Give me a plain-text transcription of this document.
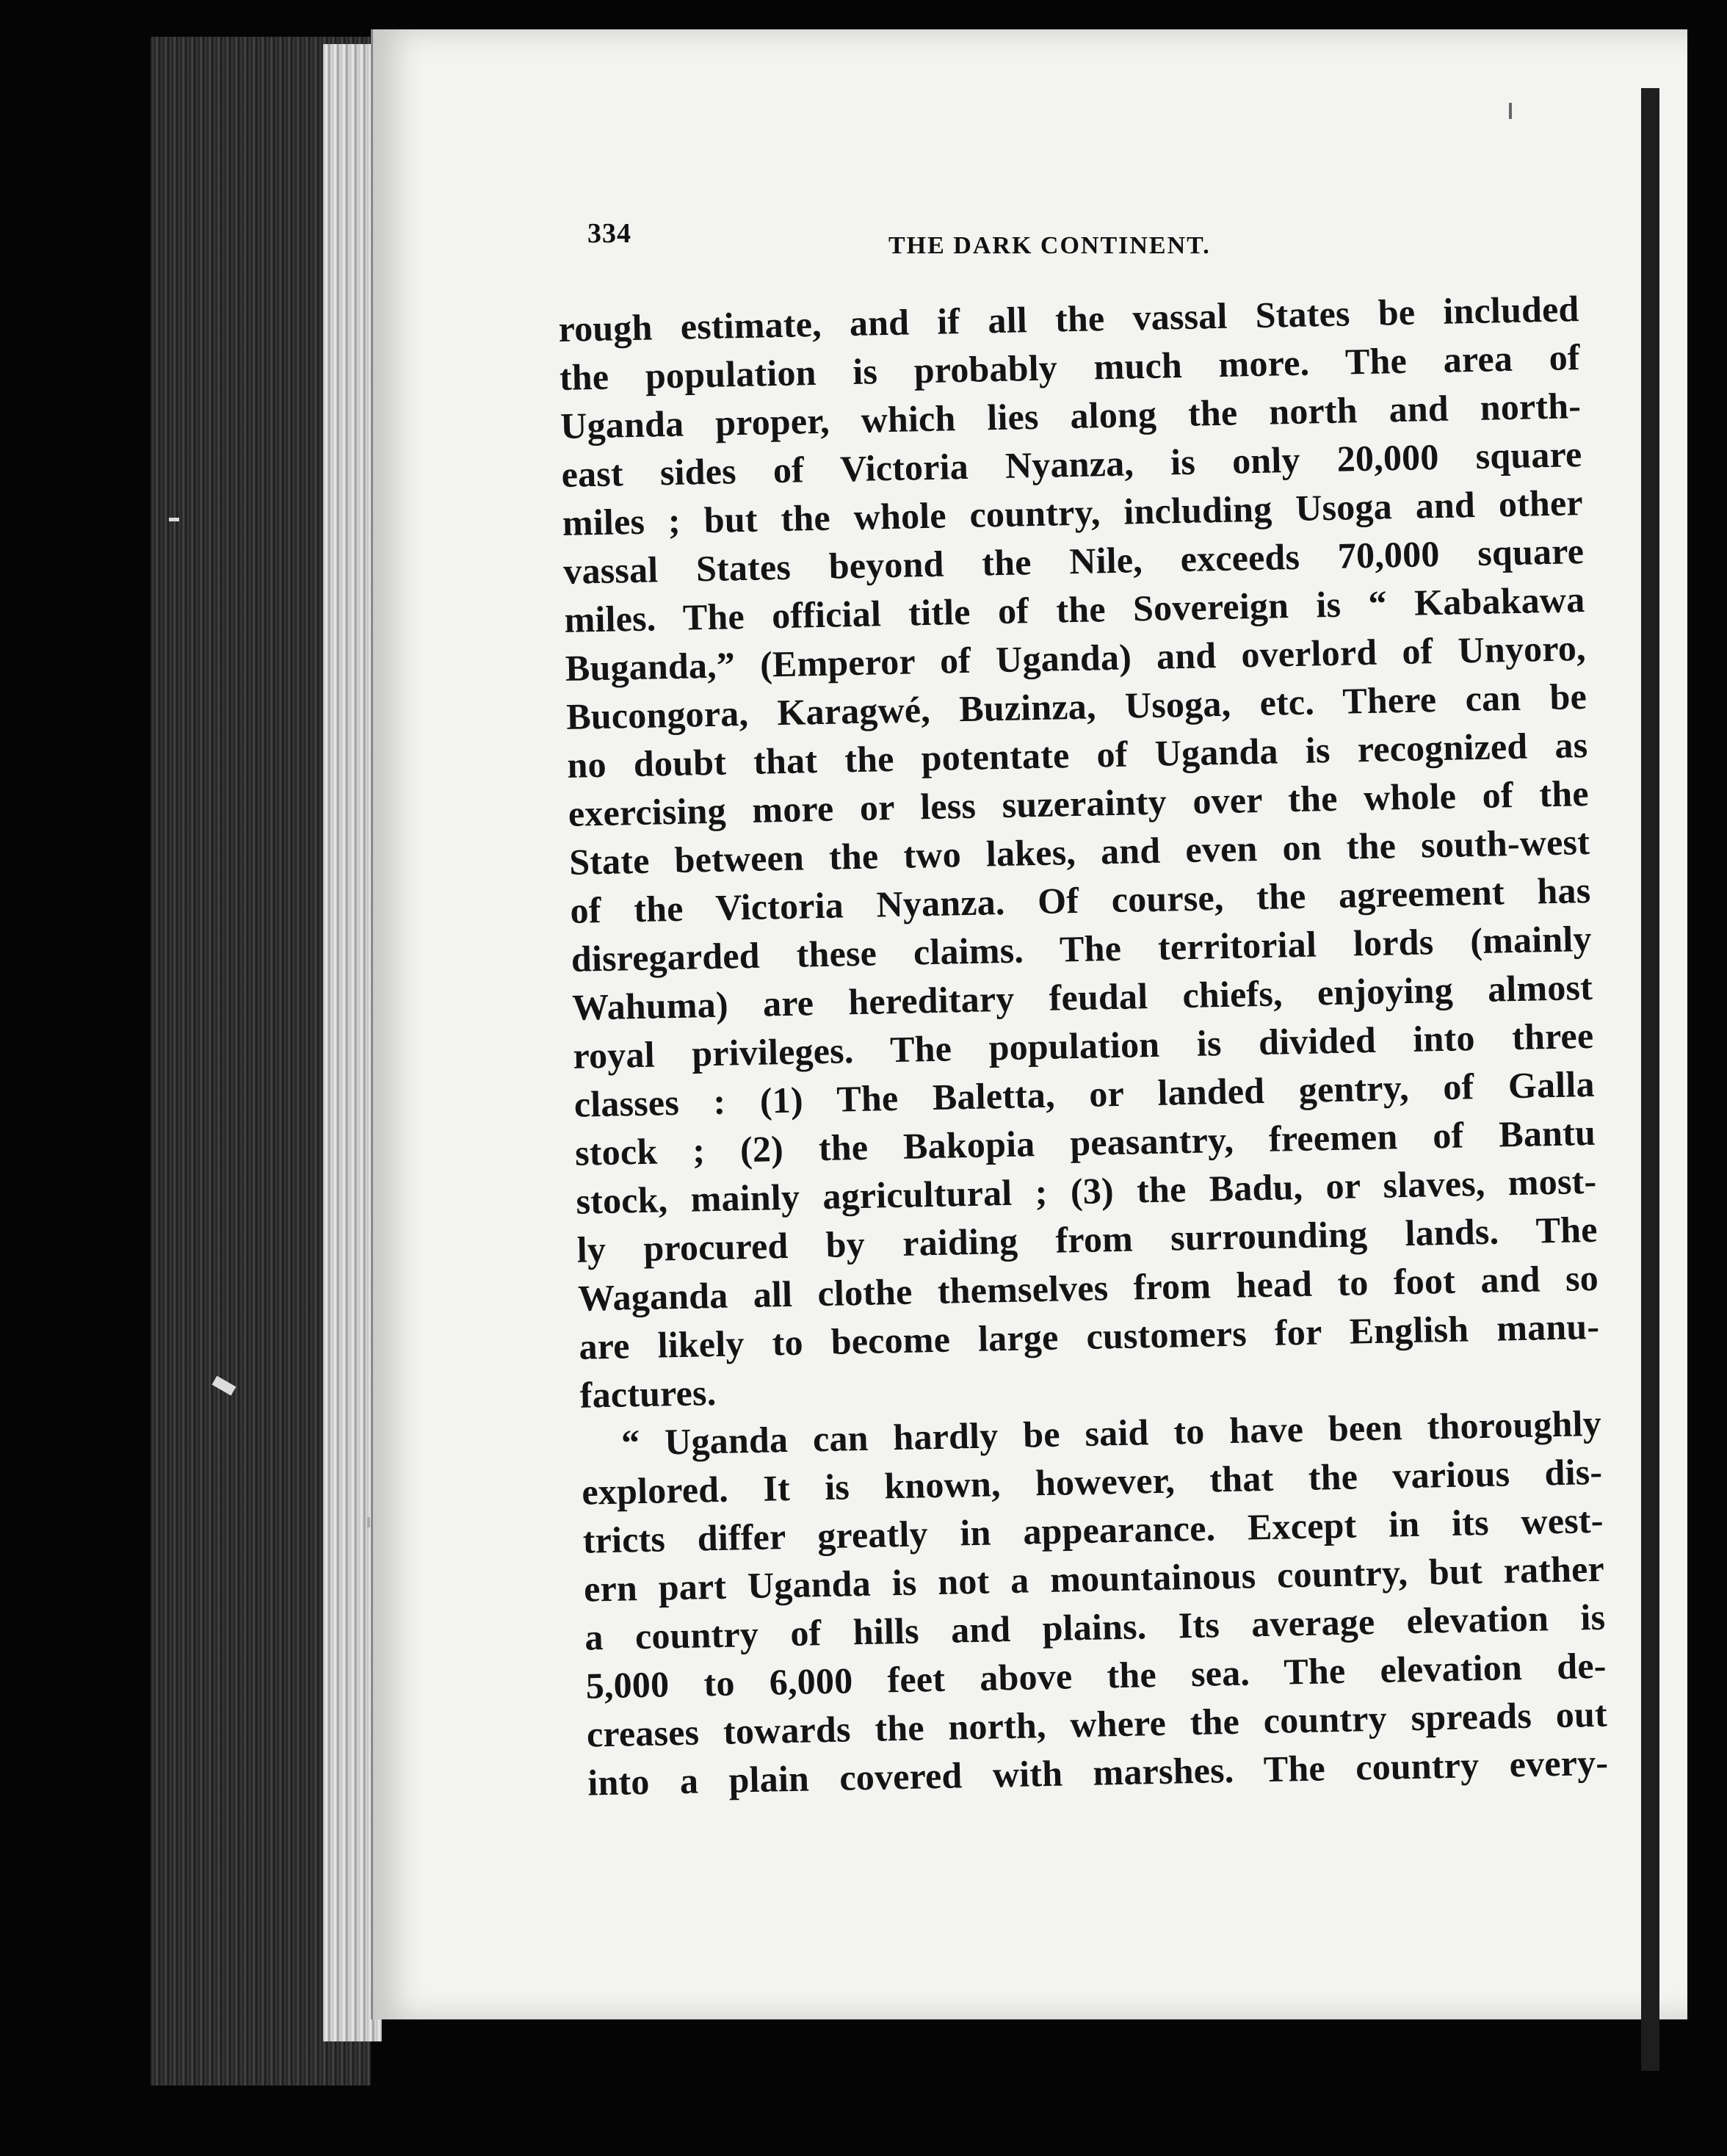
334	THE DARK CONTINENT.
rough estimate, and if all the vassal States be included
the population is probably much more. The area of
Uganda proper, which lies along the north and north-
east sides of Victoria Nyanza, is only 20,000 square
miles ; but the whole country, including Usoga and other
vassal States beyond the Nile, exceeds 70,000 square
miles. The official title of the Sovereign is “ Kabakawa
Buganda,” (Emperor of Uganda) and overlord of Unyoro,
Bucongora, Karagwé, Buzinza, Usoga, etc. There can be
no doubt that the potentate of Uganda is recognized as
exercising more or less suzerainty over the whole of the
State between the two lakes, and even on the south-west
of the Victoria Nyanza. Of course, the agreement has
disregarded these claims. The territorial lords (mainly
Wahuma) are hereditary feudal chiefs, enjoying almost
royal privileges. The population is divided into three
classes : (1) The Baletta, or landed gentry, of Galla
stock ; (2) the Bakopia peasantry, freemen of Bantu
stock, mainly agricultural ; (3) the Badu, or slaves, most-
ly procured by raiding from surrounding lands. The
Waganda all clothe themselves from head to foot and so
are likely to become large customers for English manu-
factures.
“ Uganda can hardly be said to have been thoroughly
explored. It is known, however, that the various dis-
tricts differ greatly in appearance. Except in its west-
ern part Uganda is not a mountainous country, but rather
a country of hills and plains. Its average elevation is
5,000 to 6,000 feet above the sea. The elevation de-
creases towards the north, where the country spreads out
into a plain covered with marshes. The country every-
